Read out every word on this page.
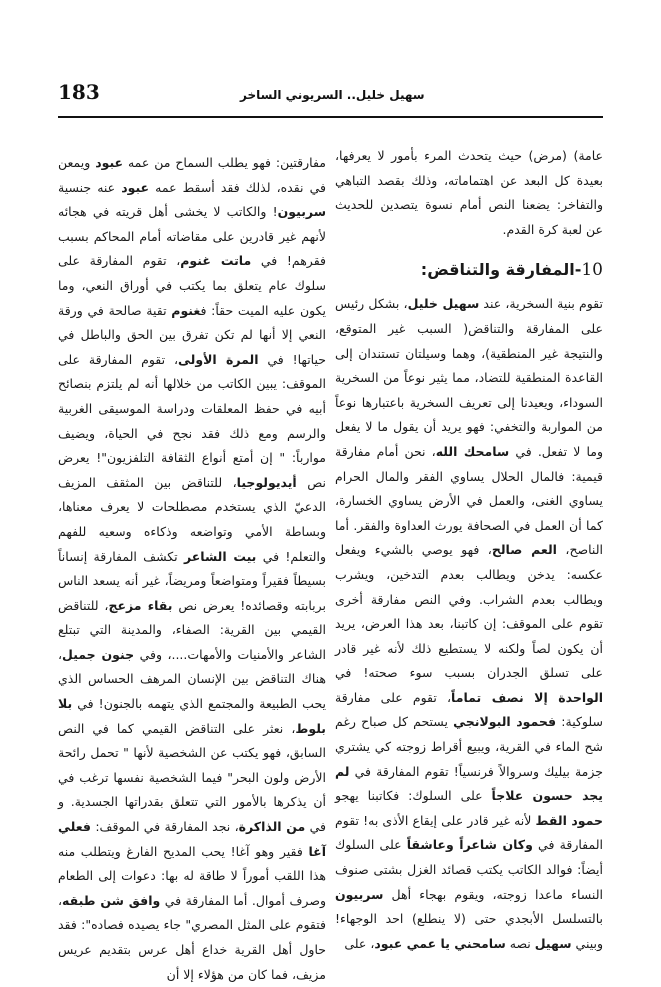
183	سهيل خليل.. السريوني الساخر

عامة) (مرض) حيث يتحدث المرء بأمور لا يعرفها، بعيدة كل البعد عن اهتماماته، وذلك بقصد التباهي والتفاخر: يضعنا النص أمام نسوة يتصدين للحديث عن لعبة كرة القدم.

10-المفارقة والتناقض:

تقوم بنية السخرية، عند سهيل خليل، بشكل رئيس على المفارقة والتناقض( السبب غير المتوقع، والنتيجة غير المنطقية)، وهما وسيلتان تستندان إلى القاعدة المنطقية للتضاد، مما يثير نوعاً من السخرية السوداء، ويعيدنا إلى تعريف السخرية باعتبارها نوعاً من المواربة والتخفي: فهو يريد أن يقول ما لا يفعل وما لا تفعل. في سامحك الله، نحن أمام مفارقة قيمية: فالمال الحلال يساوي الفقر والمال الحرام يساوي الغنى، والعمل في الأرض يساوي الخسارة، كما أن العمل في الصحافة يورث العداوة والفقر. أما الناصح، العم صالح، فهو يوصي بالشيء ويفعل عكسه: يدخن ويطالب بعدم التدخين، ويشرب ويطالب بعدم الشراب. وفي النص مفارقة أخرى تقوم على الموقف: إن كاتبنا، بعد هذا العرض، يريد أن يكون لصاً ولكنه لا يستطيع ذلك لأنه غير قادر على تسلق الجدران بسبب سوء صحته! في الواحدة إلا نصف تماماً، تقوم على مفارقة سلوكية: فحمود البولانجي يستحم كل صباح رغم شح الماء في القرية، ويبيع أقراط زوجته كي يشتري جزمة بيليك وسروالاً فرنسياً! تقوم المفارقة في لم يجد حسون علاجاً على السلوك: فكاتبنا يهجو حمود القط لأنه غير قادر على إيقاع الأذى به! تقوم المفارقة في وكان شاعراً وعاشقاً على السلوك أيضاً: فوالد الكاتب يكتب قصائد الغزل بشتى صنوف النساء ماعدا زوجته، ويقوم بهجاء أهل سربيون بالتسلسل الأبجدي حتى (لا ينطلع) احد الوجهاء! وبيني سهيل نصه سامحني يا عمي عبود، على

مفارقتين: فهو يطلب السماح من عمه عبود ويمعن في نقده، لذلك فقد أسقط عمه عبود عنه جنسية سربيون! والكاتب لا يخشى أهل قريته في هجائه لأنهم غير قادرين على مقاضاته أمام المحاكم بسبب فقرهم! في ماتت غنوم، تقوم المفارقة على سلوك عام يتعلق بما يكتب في أوراق النعي، وما يكون عليه الميت حقاً: فغنوم تقية صالحة في ورقة النعي إلا أنها لم تكن تفرق بين الحق والباطل في حياتها! في المرة الأولى، تقوم المفارقة على الموقف: يبين الكاتب من خلالها أنه لم يلتزم بنصائح أبيه في حفظ المعلقات ودراسة الموسيقى الغربية والرسم ومع ذلك فقد نجح في الحياة، ويضيف موارباً: " إن أمتع أنواع الثقافة التلفزيون"! يعرض نص أيديولوجيا، للتناقض بين المثقف المزيف الدعيّ الذي يستخدم مصطلحات لا يعرف معناها، وبساطة الأمي وتواضعه وذكاءه وسعيه للفهم والتعلم! في بيت الشاعر تكشف المفارقة إنساناً بسيطاً فقيراً ومتواضعاً ومريضاً، غير أنه يسعد الناس بربابته وقصائده! يعرض نص بقاء مزعج، للتناقض القيمي بين القرية: الصفاء، والمدينة التي تبتلع الشاعر والأمنيات والأمهات....، وفي جنون جميل، هناك التناقض بين الإنسان المرهف الحساس الذي يحب الطبيعة والمجتمع الذي يتهمه بالجنون! في بلا بلوط، نعثر على التناقض القيمي كما في النص السابق، فهو يكتب عن الشخصية لأنها " تحمل رائحة الأرض ولون البحر" فيما الشخصية نفسها ترغب في أن يذكرها بالأمور التي تتعلق بقدراتها الجسدية. و في من الذاكرة، نجد المفارقة في الموقف: فعلي آغا فقير وهو آغا! يحب المديح الفارغ ويتطلب منه هذا اللقب أموراً لا طاقة له بها: دعوات إلى الطعام وصرف أموال. أما المفارقة في وافق شن طبقه، فتقوم على المثل المصري" جاء يصيده فصاده": فقد حاول أهل القرية خداع أهل عرس بتقديم عريس مزيف، فما كان من هؤلاء إلا أن
